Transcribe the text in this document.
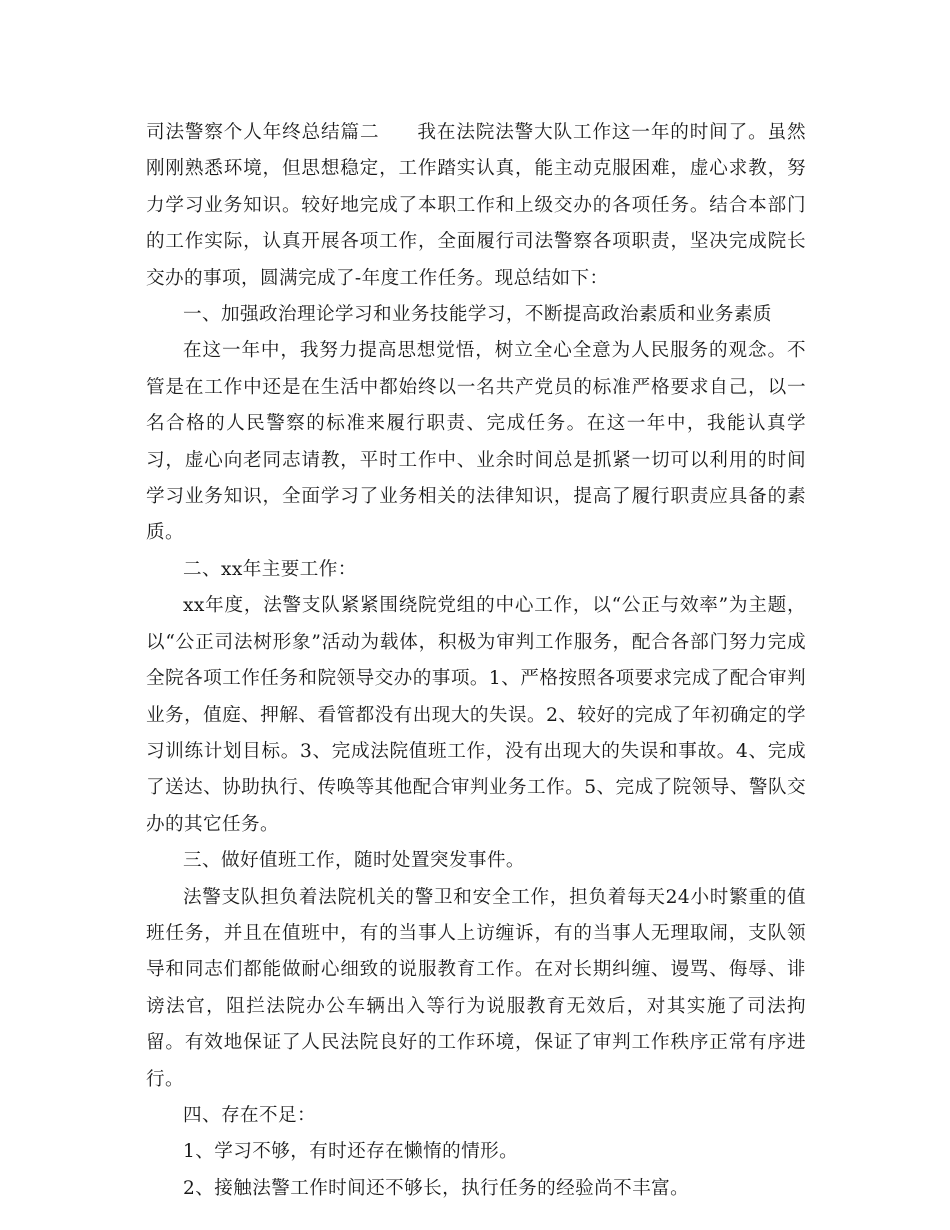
司法警察个人年终总结篇二 我在法院法警大队工作这一年的时间了。虽然刚刚熟悉环境，但思想稳定，工作踏实认真，能主动克服困难，虚心求教，努力学习业务知识。较好地完成了本职工作和上级交办的各项任务。结合本部门的工作实际，认真开展各项工作，全面履行司法警察各项职责，坚决完成院长交办的事项，圆满完成了-年度工作任务。现总结如下：

一、加强政治理论学习和业务技能学习，不断提高政治素质和业务素质

在这一年中，我努力提高思想觉悟，树立全心全意为人民服务的观念。不管是在工作中还是在生活中都始终以一名共产党员的标准严格要求自己，以一名合格的人民警察的标准来履行职责、完成任务。在这一年中，我能认真学习，虚心向老同志请教，平时工作中、业余时间总是抓紧一切可以利用的时间学习业务知识，全面学习了业务相关的法律知识，提高了履行职责应具备的素质。

二、xx年主要工作：

xx年度，法警支队紧紧围绕院党组的中心工作，以“公正与效率”为主题，以“公正司法树形象”活动为载体，积极为审判工作服务，配合各部门努力完成全院各项工作任务和院领导交办的事项。1、严格按照各项要求完成了配合审判业务，值庭、押解、看管都没有出现大的失误。2、较好的完成了年初确定的学习训练计划目标。3、完成法院值班工作，没有出现大的失误和事故。4、完成了送达、协助执行、传唤等其他配合审判业务工作。5、完成了院领导、警队交办的其它任务。

三、做好值班工作，随时处置突发事件。

法警支队担负着法院机关的警卫和安全工作，担负着每天24小时繁重的值班任务，并且在值班中，有的当事人上访缠诉，有的当事人无理取闹，支队领导和同志们都能做耐心细致的说服教育工作。在对长期纠缠、谩骂、侮辱、诽谤法官，阻拦法院办公车辆出入等行为说服教育无效后，对其实施了司法拘留。有效地保证了人民法院良好的工作环境，保证了审判工作秩序正常有序进行。

四、存在不足：

1、学习不够，有时还存在懒惰的情形。

2、接触法警工作时间还不够长，执行任务的经验尚不丰富。
